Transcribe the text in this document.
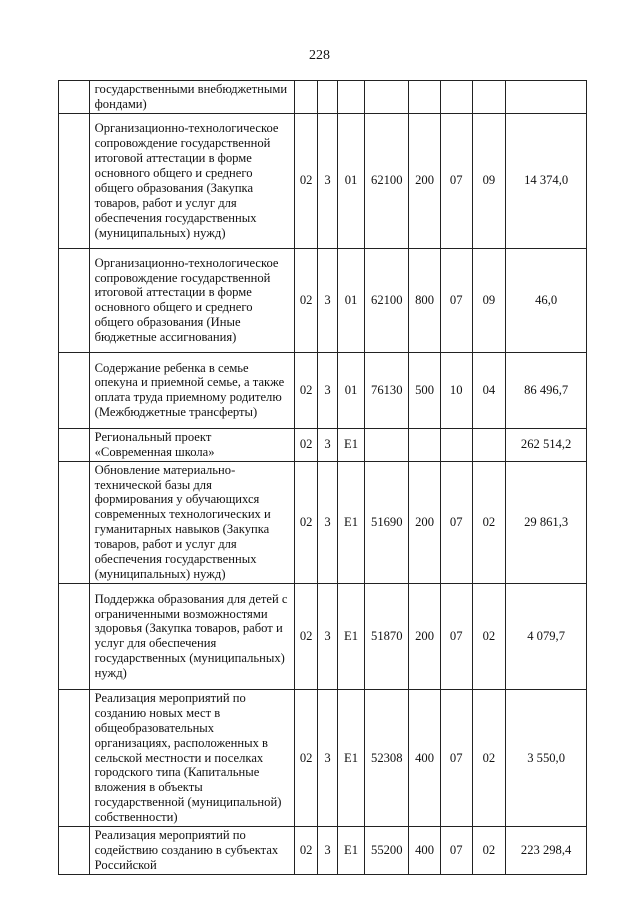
228
	государственными внебюджетными фондами)								
	Организационно-технологическое сопровождение государственной итоговой аттестации в форме основного общего и среднего общего образования (Закупка товаров, работ и услуг для обеспечения государственных (муниципальных) нужд)	02	3	01	62100	200	07	09	14 374,0
	Организационно-технологическое сопровождение государственной итоговой аттестации в форме основного общего и среднего общего образования (Иные бюджетные ассигнования)	02	3	01	62100	800	07	09	46,0
	Содержание ребенка в семье опекуна и приемной семье, а также оплата труда приемному родителю (Межбюджетные трансферты)	02	3	01	76130	500	10	04	86 496,7
	Региональный проект «Современная школа»	02	3	E1					262 514,2
	Обновление материально-технической базы для формирования у обучающихся современных технологических и гуманитарных навыков (Закупка товаров, работ и услуг для обеспечения государственных (муниципальных) нужд)	02	3	E1	51690	200	07	02	29 861,3
	Поддержка образования для детей с ограниченными возможностями здоровья (Закупка товаров, работ и услуг для обеспечения государственных (муниципальных) нужд)	02	3	E1	51870	200	07	02	4 079,7
	Реализация мероприятий по созданию новых мест в общеобразовательных организациях, расположенных в сельской местности и поселках городского типа (Капитальные вложения в объекты государственной (муниципальной) собственности)	02	3	E1	52308	400	07	02	3 550,0
	Реализация мероприятий по содействию созданию в субъектах Российской	02	3	E1	55200	400	07	02	223 298,4
